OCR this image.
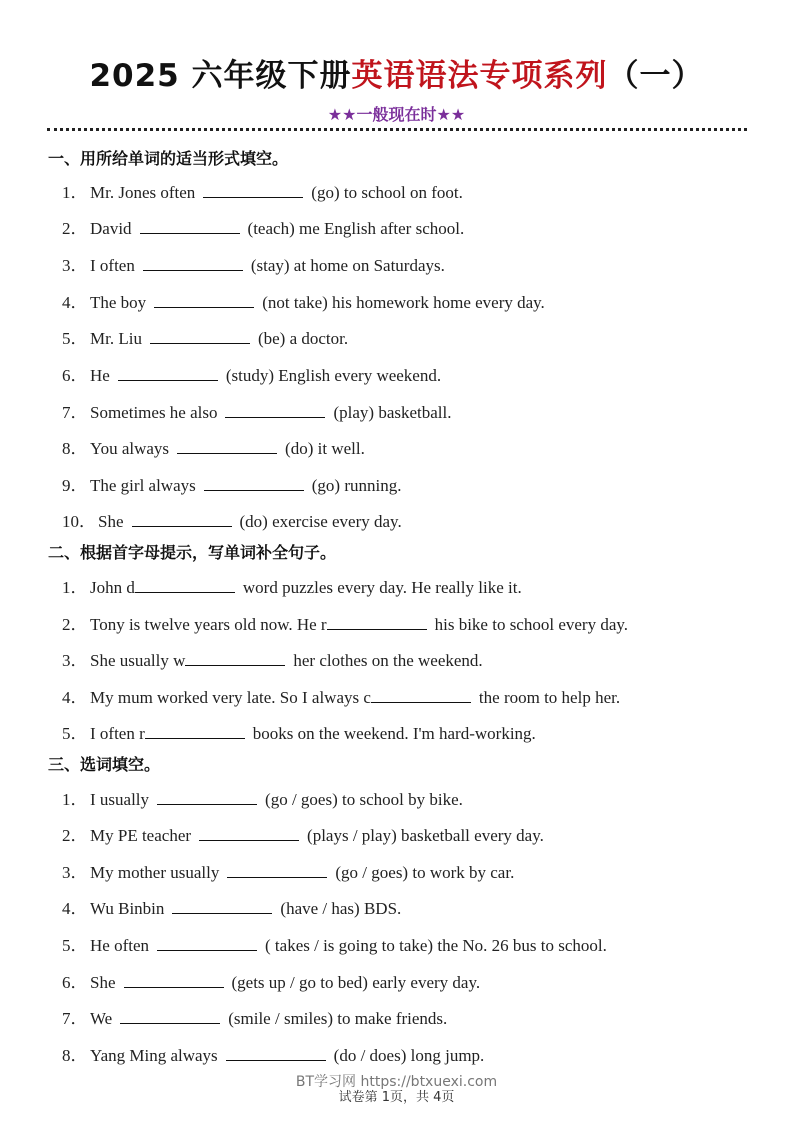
2025 六年级下册英语语法专项系列（一）
★★一般现在时★★
一、用所给单词的适当形式填空。
1． Mr. Jones often	(go) to school on foot.
2． David	(teach) me English after school.
3． I often	(stay) at home on Saturdays.
4． The boy	(not take) his homework home every day.
5． Mr. Liu	(be) a doctor.
6． He	(study) English every weekend.
7． Sometimes he also	(play) basketball.
8． You always	(do) it well.
9． The girl always	(go) running.
10． She	(do) exercise every day.
二、根据首字母提示，写单词补全句子。
1． John d	word puzzles every day. He really like it.
2． Tony is twelve years old now. He r	his bike to school every day.
3． She usually w	her clothes on the weekend.
4． My mum worked very late. So I always c	the room to help her.
5． I often r	books on the weekend. I'm hard-working.
三、选词填空。
1． I usually	(go / goes) to school by bike.
2． My PE teacher	(plays / play) basketball every day.
3． My mother usually	(go / goes) to work by car.
4． Wu Binbin	(have / has) BDS.
5． He often	( takes / is going to take) the No. 26 bus to school.
6． She	(gets up / go to bed) early every day.
7． We	(smile / smiles) to make friends.
8． Yang Ming always	(do / does) long jump.
BT学习网 https://btxuexi.com
试卷第 1页，共 4页
